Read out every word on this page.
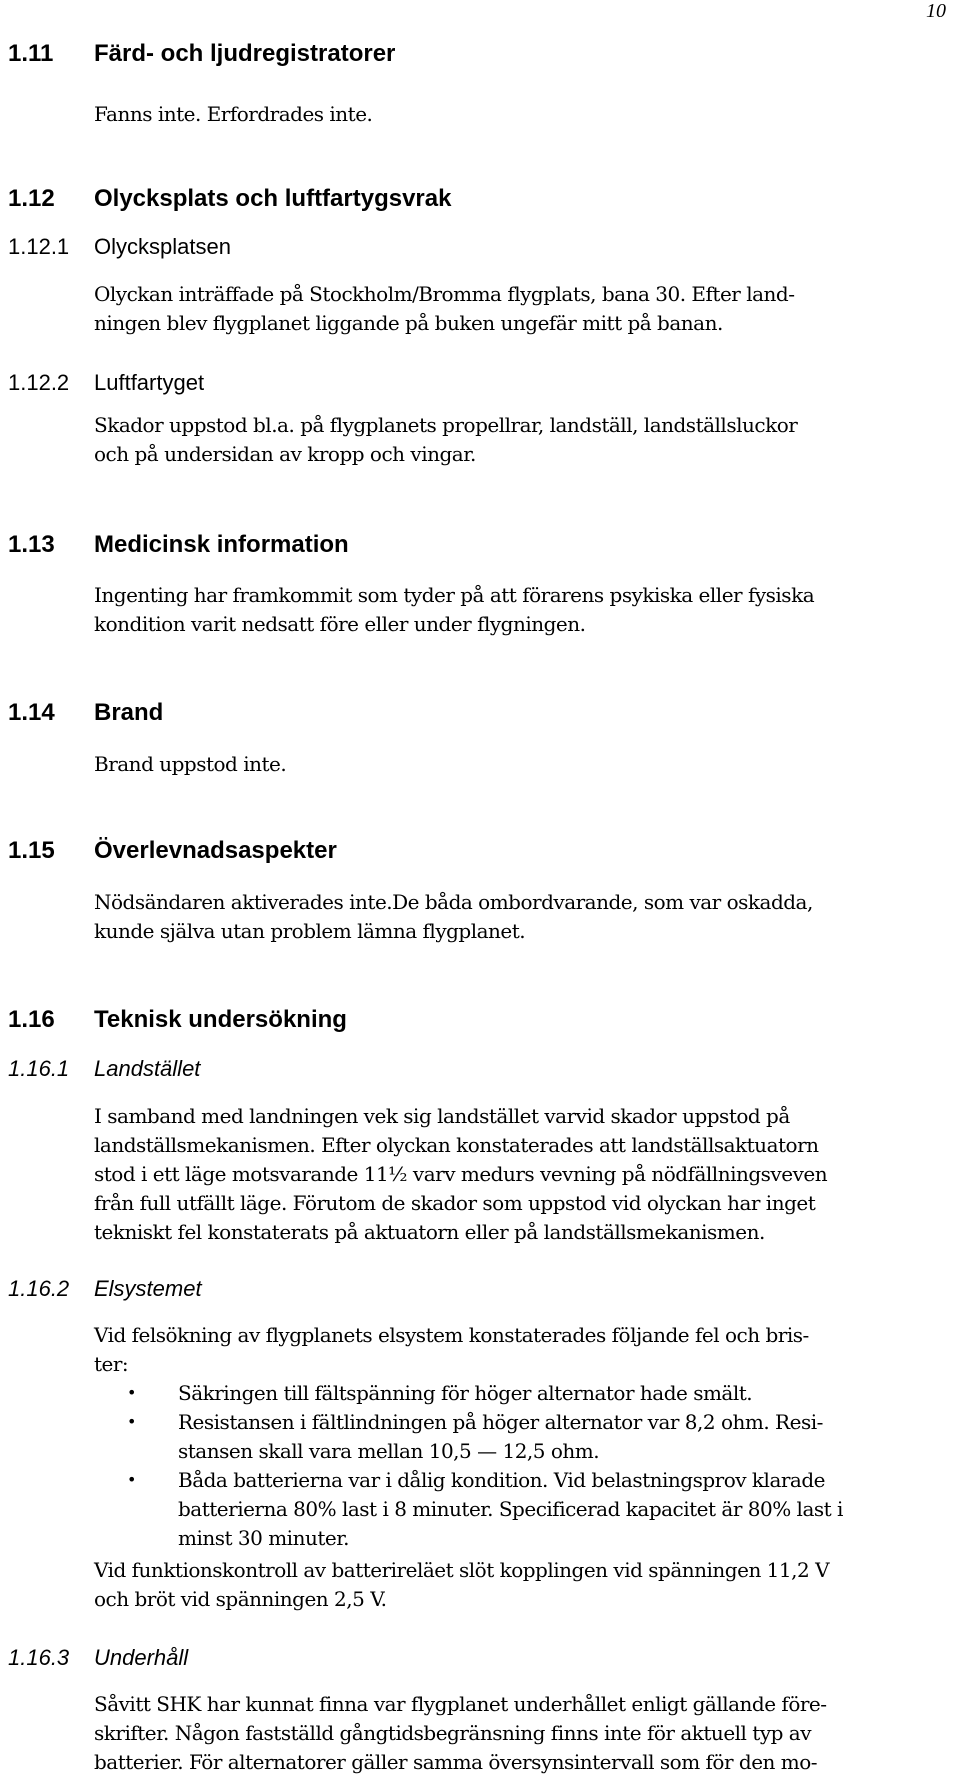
10
1.11 Färd- och ljudregistratorer
Fanns inte. Erfordrades inte.
1.12 Olycksplats och luftfartygsvrak
1.12.1 Olycksplatsen
Olyckan inträffade på Stockholm/Bromma flygplats, bana 30. Efter land-
ningen blev flygplanet liggande på buken ungefär mitt på banan.
1.12.2 Luftfartyget
Skador uppstod bl.a. på flygplanets propellrar, landställ, landställsluckor
och på undersidan av kropp och vingar.
1.13 Medicinsk information
Ingenting har framkommit som tyder på att förarens psykiska eller fysiska
kondition varit nedsatt före eller under flygningen.
1.14 Brand
Brand uppstod inte.
1.15 Överlevnadsaspekter
Nödsändaren aktiverades inte.De båda ombordvarande, som var oskadda,
kunde själva utan problem lämna flygplanet.
1.16 Teknisk undersökning
1.16.1 Landstället
I samband med landningen vek sig landstället varvid skador uppstod på
landställsmekanismen. Efter olyckan konstaterades att landställsaktuatorn
stod i ett läge motsvarande 11½ varv medurs vevning på nödfällningsveven
från full utfällt läge. Förutom de skador som uppstod vid olyckan har inget
tekniskt fel konstaterats på aktuatorn eller på landställsmekanismen.
1.16.2 Elsystemet
Vid felsökning av flygplanets elsystem konstaterades följande fel och bris-
ter:
• Säkringen till fältspänning för höger alternator hade smält.
• Resistansen i fältlindningen på höger alternator var 8,2 ohm. Resi-
stansen skall vara mellan 10,5 — 12,5 ohm.
• Båda batterierna var i dålig kondition. Vid belastningsprov klarade
batterierna 80% last i 8 minuter. Specificerad kapacitet är 80% last i
minst 30 minuter.
Vid funktionskontroll av batterireläet slöt kopplingen vid spänningen 11,2 V
och bröt vid spänningen 2,5 V.
1.16.3 Underhåll
Såvitt SHK har kunnat finna var flygplanet underhållet enligt gällande före-
skrifter. Någon fastställd gångtidsbegränsning finns inte för aktuell typ av
batterier. För alternatorer gäller samma översynsintervall som för den mo-
